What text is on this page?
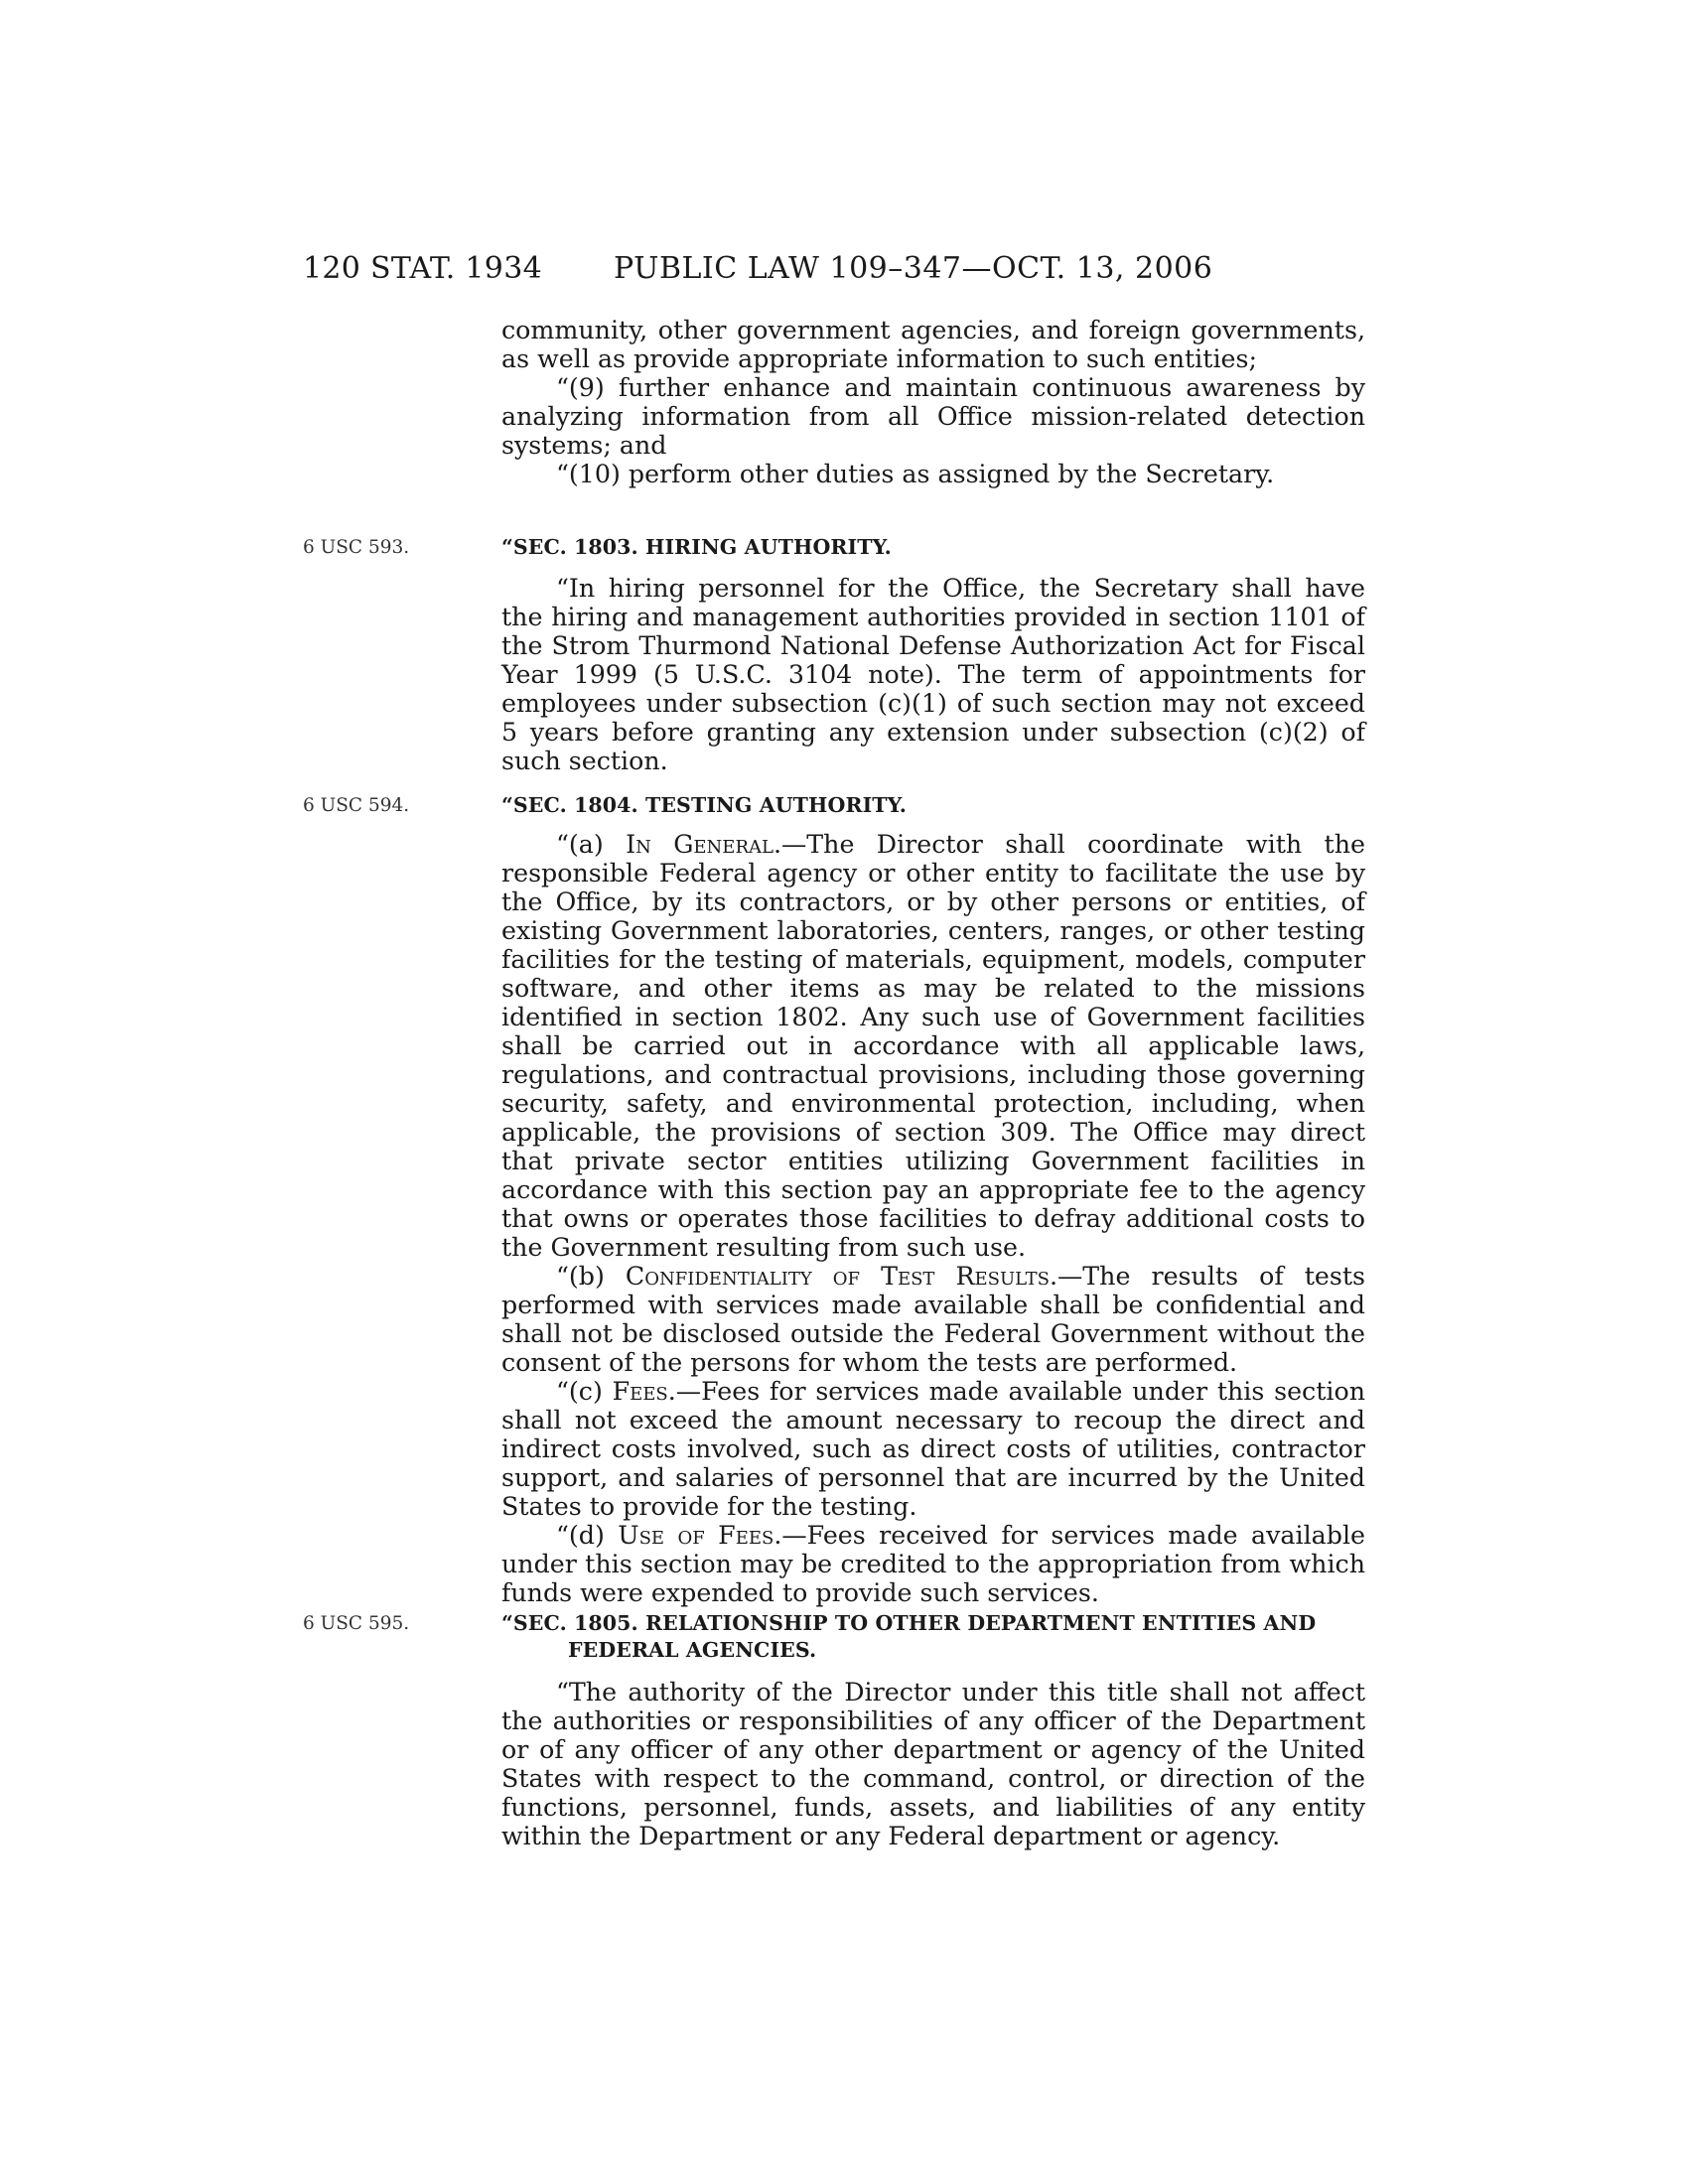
120 STAT. 1934 PUBLIC LAW 109–347—OCT. 13, 2006

community, other government agencies, and foreign governments, as well as provide appropriate information to such entities;

“(9) further enhance and maintain continuous awareness by analyzing information from all Office mission-related detection systems; and

“(10) perform other duties as assigned by the Secretary.

6 USC 593.	“SEC. 1803. HIRING AUTHORITY.

“In hiring personnel for the Office, the Secretary shall have the hiring and management authorities provided in section 1101 of the Strom Thurmond National Defense Authorization Act for Fiscal Year 1999 (5 U.S.C. 3104 note). The term of appointments for employees under subsection (c)(1) of such section may not exceed 5 years before granting any extension under subsection (c)(2) of such section.

6 USC 594.	“SEC. 1804. TESTING AUTHORITY.

“(a) In General.—The Director shall coordinate with the responsible Federal agency or other entity to facilitate the use by the Office, by its contractors, or by other persons or entities, of existing Government laboratories, centers, ranges, or other testing facilities for the testing of materials, equipment, models, computer software, and other items as may be related to the missions identified in section 1802. Any such use of Government facilities shall be carried out in accordance with all applicable laws, regulations, and contractual provisions, including those governing security, safety, and environmental protection, including, when applicable, the provisions of section 309. The Office may direct that private sector entities utilizing Government facilities in accordance with this section pay an appropriate fee to the agency that owns or operates those facilities to defray additional costs to the Government resulting from such use.

“(b) Confidentiality of Test Results.—The results of tests performed with services made available shall be confidential and shall not be disclosed outside the Federal Government without the consent of the persons for whom the tests are performed.

“(c) Fees.—Fees for services made available under this section shall not exceed the amount necessary to recoup the direct and indirect costs involved, such as direct costs of utilities, contractor support, and salaries of personnel that are incurred by the United States to provide for the testing.

“(d) Use of Fees.—Fees received for services made available under this section may be credited to the appropriation from which funds were expended to provide such services.

6 USC 595.	“SEC. 1805. RELATIONSHIP TO OTHER DEPARTMENT ENTITIES AND
FEDERAL AGENCIES.

“The authority of the Director under this title shall not affect the authorities or responsibilities of any officer of the Department or of any officer of any other department or agency of the United States with respect to the command, control, or direction of the functions, personnel, funds, assets, and liabilities of any entity within the Department or any Federal department or agency.
